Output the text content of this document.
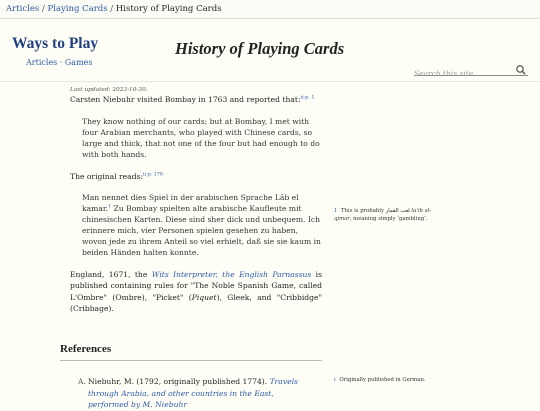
Articles / Playing Cards / History of Playing Cards
Ways to Play
Articles · Games
History of Playing Cards
Search this site

Last updated: 2023-10-30.

Carsten Niebuhr visited Bombay in 1763 and reported that:$^{ii:p. 1}$

They know nothing of our cards; but at Bombay, I met with four Arabian merchants, who played with Chinese cards, so large and thick, that not one of the four but had enough to do with both hands.

The original reads:$^{ii:p. 178}$

Man nennet dies Spiel in der arabischen Sprache Lâb el kamar.$^1$ Zu Bombay spielten alte arabische Kaufleute mit chinesischen Karten. Diese sind sher dick und unbequem. Ich erinnere mich, vier Personen spielen gesehen zu haben, wovon jede zu ihrem Anteil so viel erhielt, daß sie sie kaum in beiden Händen halten konnte.

England, 1671, the Wits Interpreter, the English Parnassus is published containing rules for "The Noble Spanish Game, called L'Ombre" (Ombre), "Picket" (Piquet), Gleek, and "Cribbidge" (Cribbage).

1 This is probably لعب القمار laʿib al-qimar, meaning simply ‘gambling’.
References
A. Niebuhr, M. (1792, originally published 1774). Travels through Arabia, and other countries in the East, performed by M. Niebuhr
i Originally published in German.
